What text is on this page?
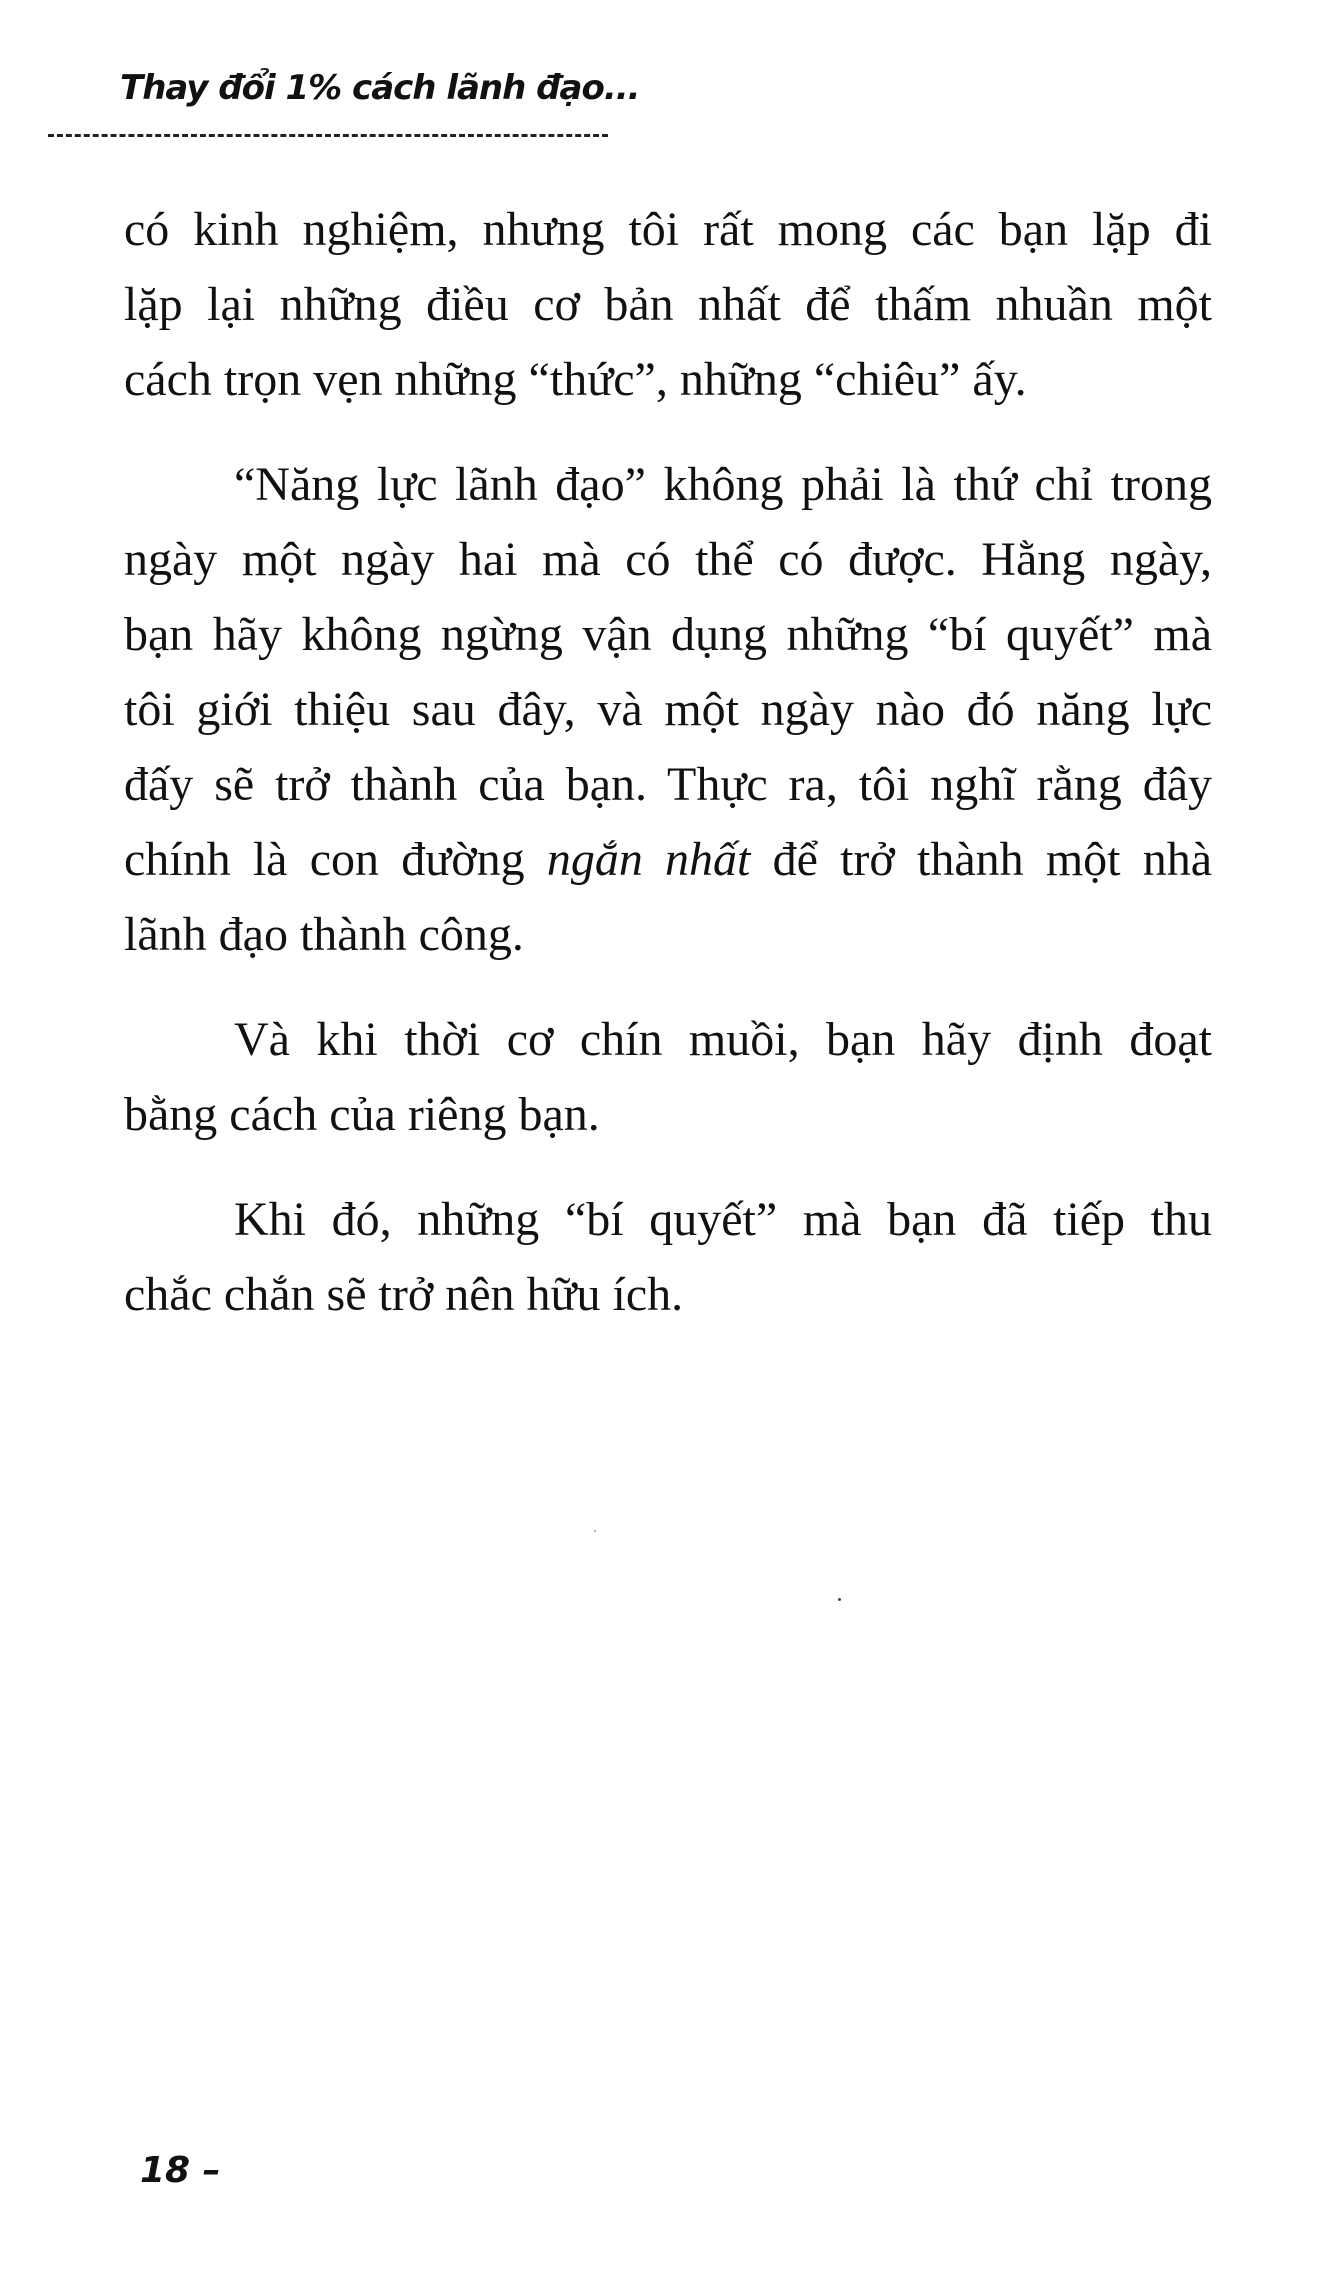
Thay đổi 1% cách lãnh đạo...
có kinh nghiệm, nhưng tôi rất mong các bạn lặp đi
lặp lại những điều cơ bản nhất để thấm nhuần một
cách trọn vẹn những “thức”, những “chiêu” ấy.
“Năng lực lãnh đạo” không phải là thứ chỉ trong
ngày một ngày hai mà có thể có được. Hằng ngày,
bạn hãy không ngừng vận dụng những “bí quyết” mà
tôi giới thiệu sau đây, và một ngày nào đó năng lực
đấy sẽ trở thành của bạn. Thực ra, tôi nghĩ rằng đây
chính là con đường ngắn nhất để trở thành một nhà
lãnh đạo thành công.
Và khi thời cơ chín muồi, bạn hãy định đoạt
bằng cách của riêng bạn.
Khi đó, những “bí quyết” mà bạn đã tiếp thu
chắc chắn sẽ trở nên hữu ích.
18 –
